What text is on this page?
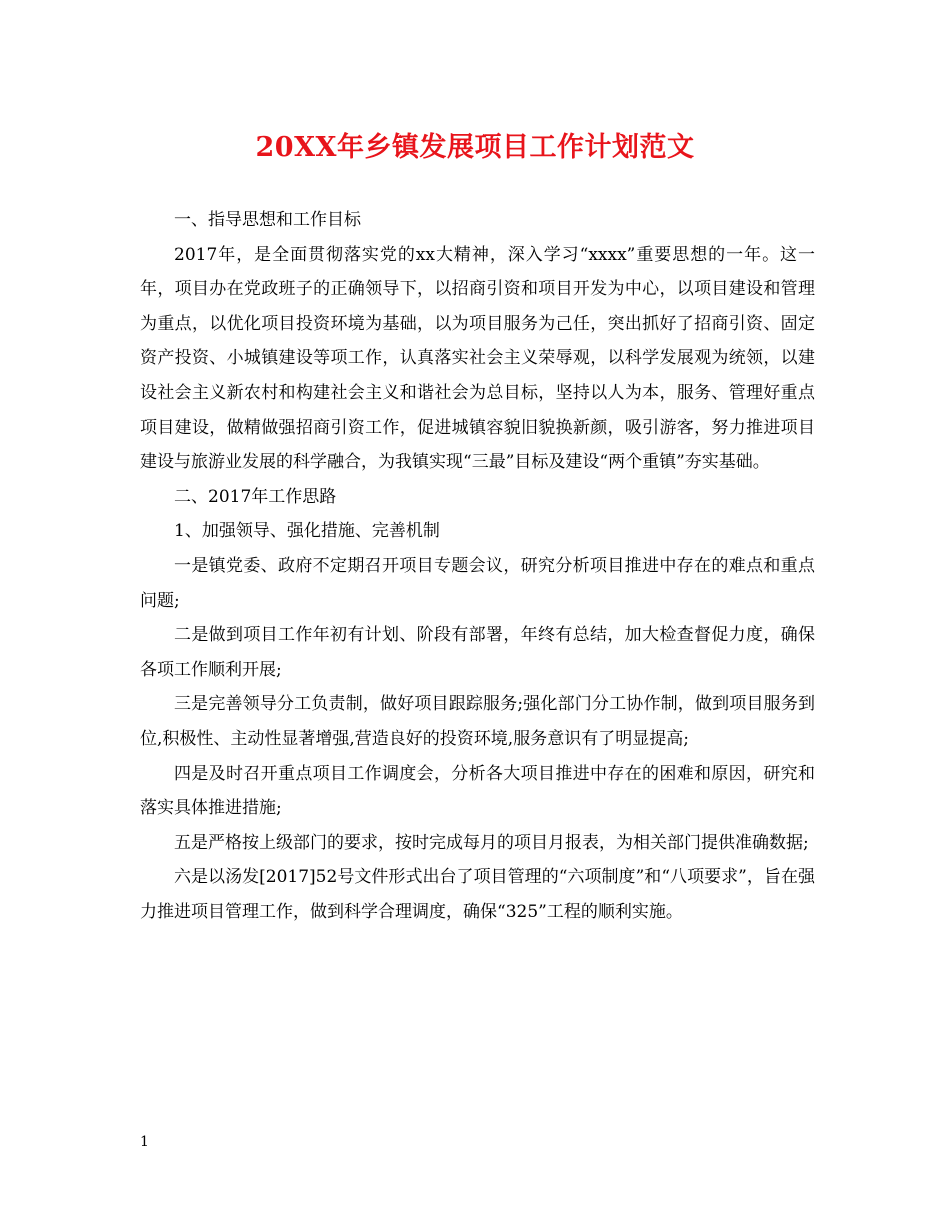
20XX年乡镇发展项目工作计划范文

一、指导思想和工作目标

2017年，是全面贯彻落实党的xx大精神，深入学习“xxxx”重要思想的一年。这一年，项目办在党政班子的正确领导下，以招商引资和项目开发为中心，以项目建设和管理为重点，以优化项目投资环境为基础，以为项目服务为己任，突出抓好了招商引资、固定资产投资、小城镇建设等项工作，认真落实社会主义荣辱观，以科学发展观为统领，以建设社会主义新农村和构建社会主义和谐社会为总目标，坚持以人为本，服务、管理好重点项目建设，做精做强招商引资工作，促进城镇容貌旧貌换新颜，吸引游客，努力推进项目建设与旅游业发展的科学融合，为我镇实现“三最”目标及建设“两个重镇”夯实基础。

二、2017年工作思路

1、加强领导、强化措施、完善机制

一是镇党委、政府不定期召开项目专题会议，研究分析项目推进中存在的难点和重点问题;

二是做到项目工作年初有计划、阶段有部署，年终有总结，加大检查督促力度，确保各项工作顺利开展;

三是完善领导分工负责制，做好项目跟踪服务;强化部门分工协作制，做到项目服务到位,积极性、主动性显著增强,营造良好的投资环境,服务意识有了明显提高;

四是及时召开重点项目工作调度会，分析各大项目推进中存在的困难和原因，研究和落实具体推进措施;

五是严格按上级部门的要求，按时完成每月的项目月报表，为相关部门提供准确数据;

六是以汤发[2017]52号文件形式出台了项目管理的“六项制度”和“八项要求”，旨在强力推进项目管理工作，做到科学合理调度，确保“325”工程的顺利实施。

1
